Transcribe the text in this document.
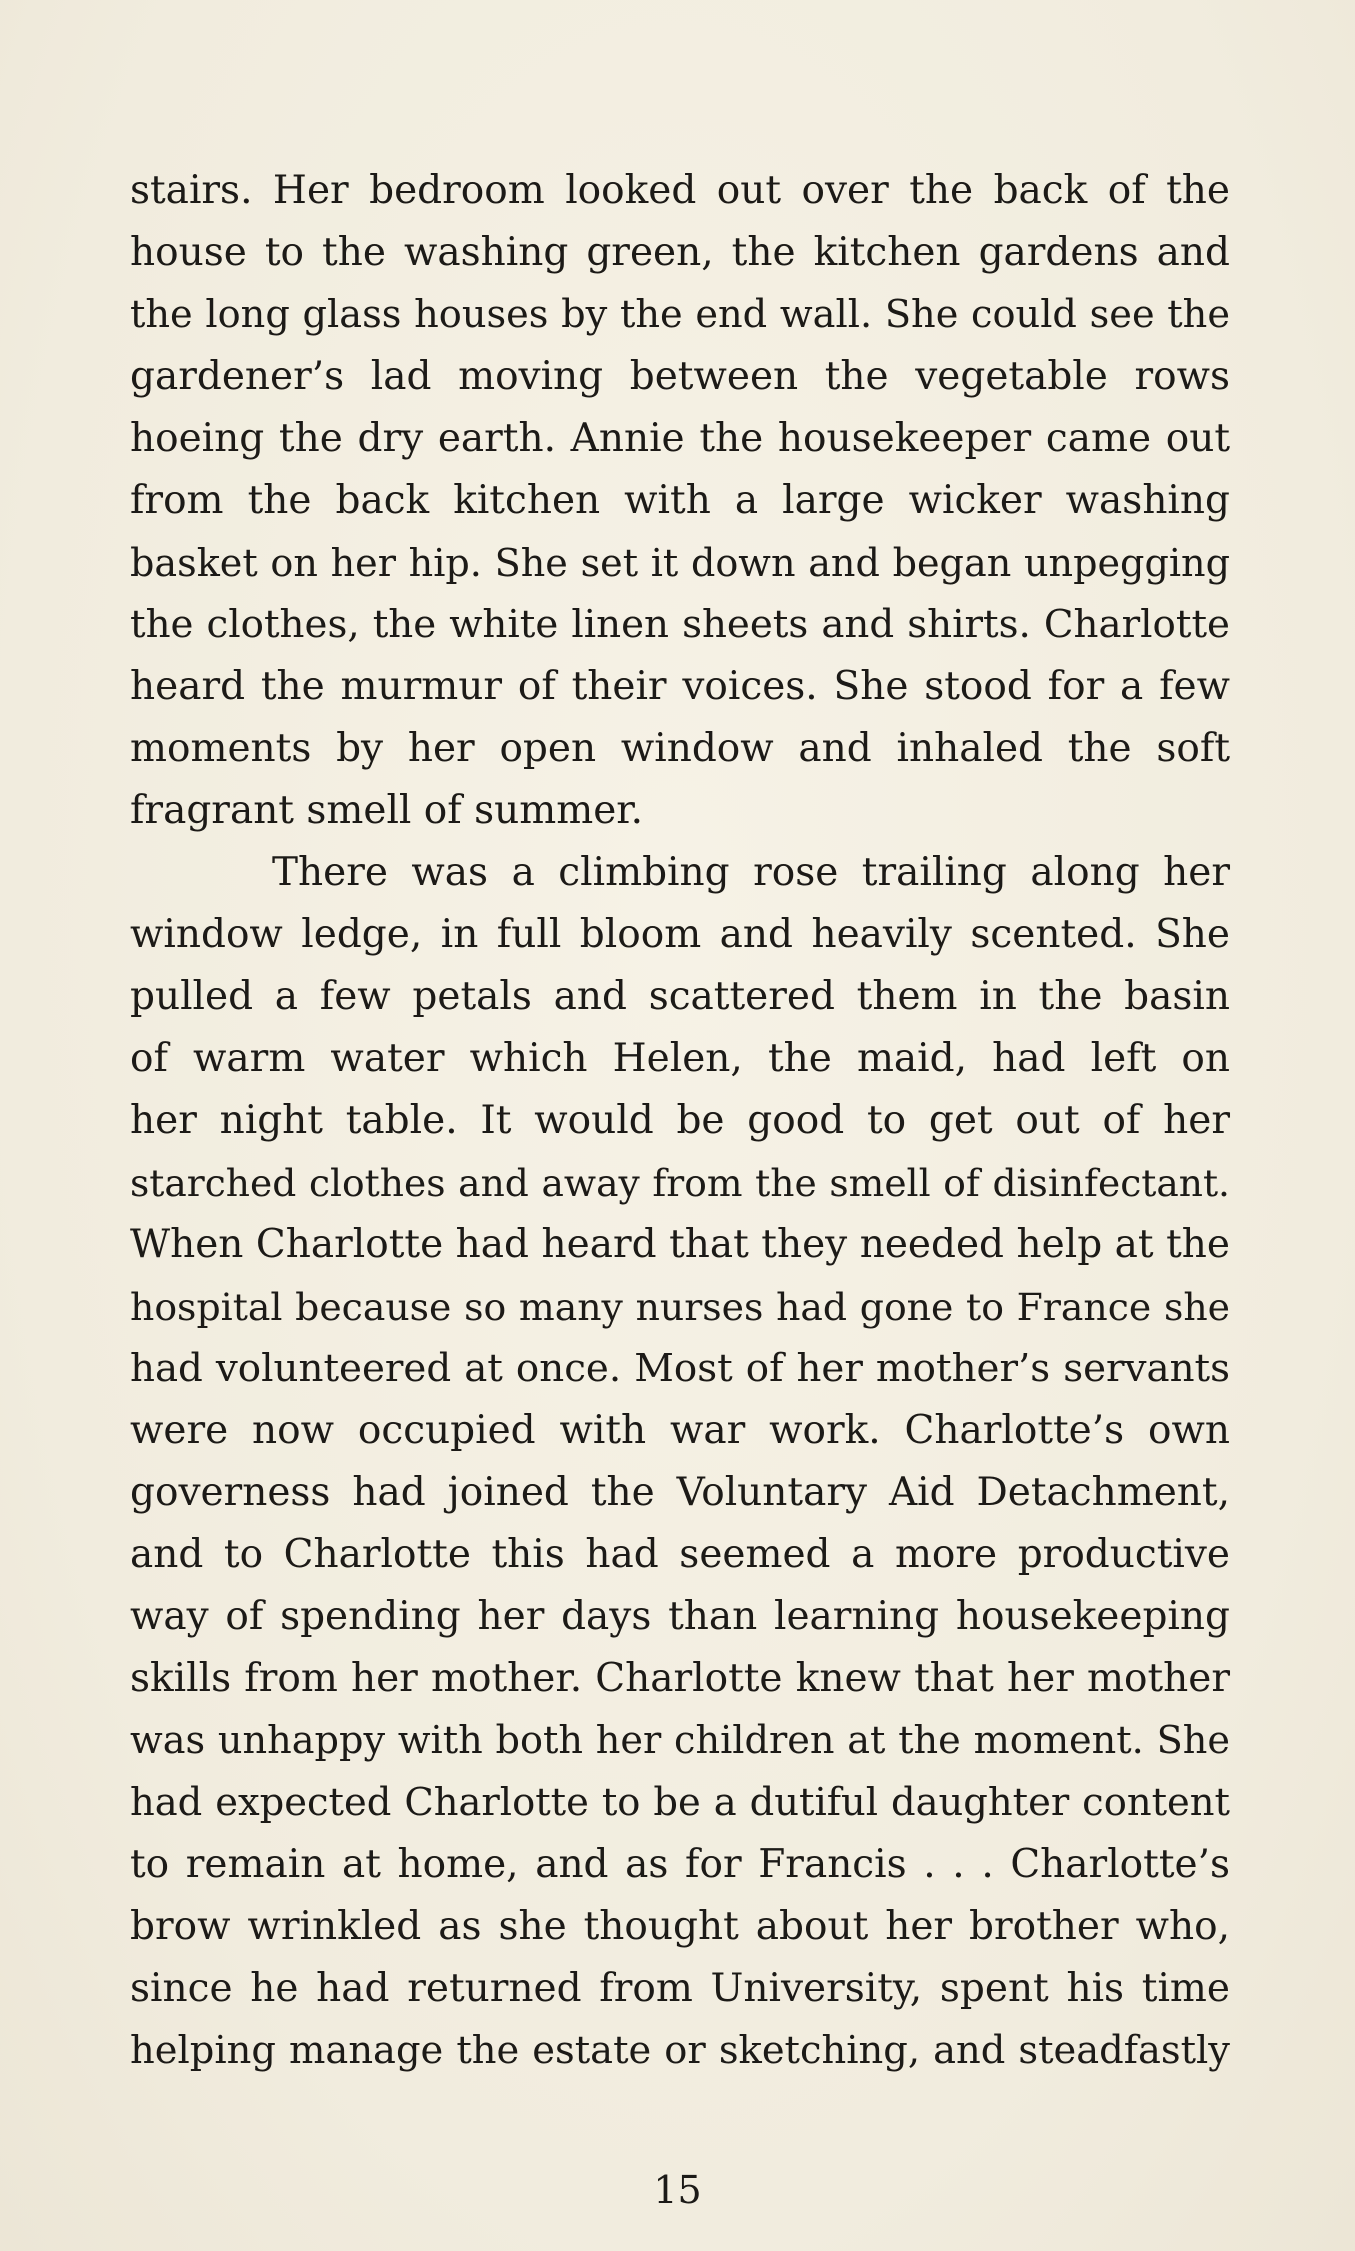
stairs. Her bedroom looked out over the back of the
house to the washing green, the kitchen gardens and
the long glass houses by the end wall. She could see the
gardener’s lad moving between the vegetable rows
hoeing the dry earth. Annie the housekeeper came out
from the back kitchen with a large wicker washing
basket on her hip. She set it down and began unpegging
the clothes, the white linen sheets and shirts. Charlotte
heard the murmur of their voices. She stood for a few
moments by her open window and inhaled the soft
fragrant smell of summer.

There was a climbing rose trailing along her
window ledge, in full bloom and heavily scented. She
pulled a few petals and scattered them in the basin
of warm water which Helen, the maid, had left on
her night table. It would be good to get out of her
starched clothes and away from the smell of disinfectant.
When Charlotte had heard that they needed help at the
hospital because so many nurses had gone to France she
had volunteered at once. Most of her mother’s servants
were now occupied with war work. Charlotte’s own
governess had joined the Voluntary Aid Detachment,
and to Charlotte this had seemed a more productive
way of spending her days than learning housekeeping
skills from her mother. Charlotte knew that her mother
was unhappy with both her children at the moment. She
had expected Charlotte to be a dutiful daughter content
to remain at home, and as for Francis . . . Charlotte’s
brow wrinkled as she thought about her brother who,
since he had returned from University, spent his time
helping manage the estate or sketching, and steadfastly

15
